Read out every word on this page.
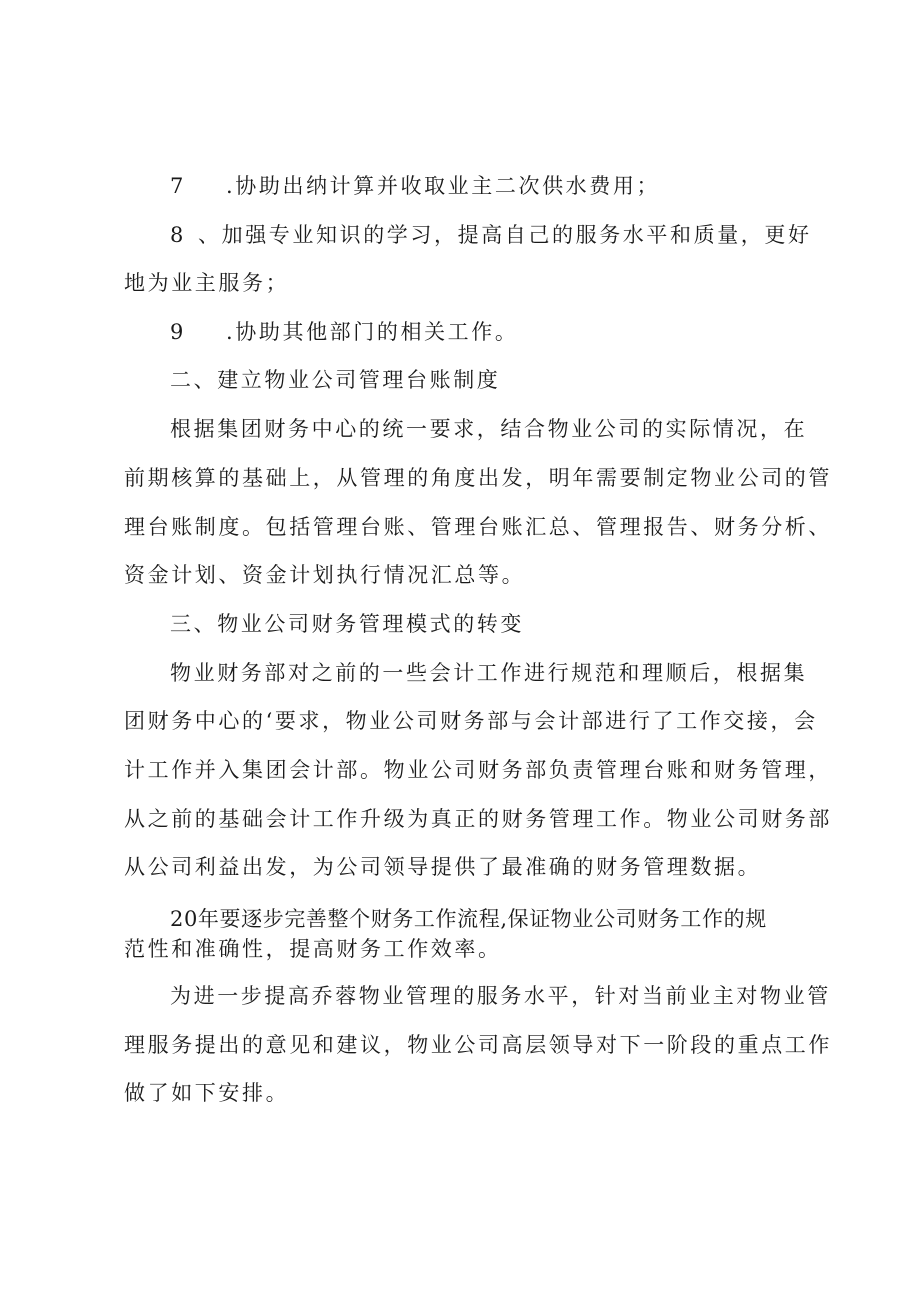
7 .协助出纳计算并收取业主二次供水费用；
8 、加强专业知识的学习，提高自己的服务水平和质量，更好
地为业主服务；
9 .协助其他部门的相关工作。
二、建立物业公司管理台账制度
根据集团财务中心的统一要求，结合物业公司的实际情况，在
前期核算的基础上，从管理的角度出发，明年需要制定物业公司的管
理台账制度。包括管理台账、管理台账汇总、管理报告、财务分析、
资金计划、资金计划执行情况汇总等。
三、物业公司财务管理模式的转变
物业财务部对之前的一些会计工作进行规范和理顺后，根据集
团财务中心的‘要求，物业公司财务部与会计部进行了工作交接，会
计工作并入集团会计部。物业公司财务部负责管理台账和财务管理，
从之前的基础会计工作升级为真正的财务管理工作。物业公司财务部
从公司利益出发，为公司领导提供了最准确的财务管理数据。
20年要逐步完善整个财务工作流程,保证物业公司财务工作的规
范性和准确性，提高财务工作效率。
为进一步提高乔蓉物业管理的服务水平，针对当前业主对物业管
理服务提出的意见和建议，物业公司高层领导对下一阶段的重点工作
做了如下安排。
